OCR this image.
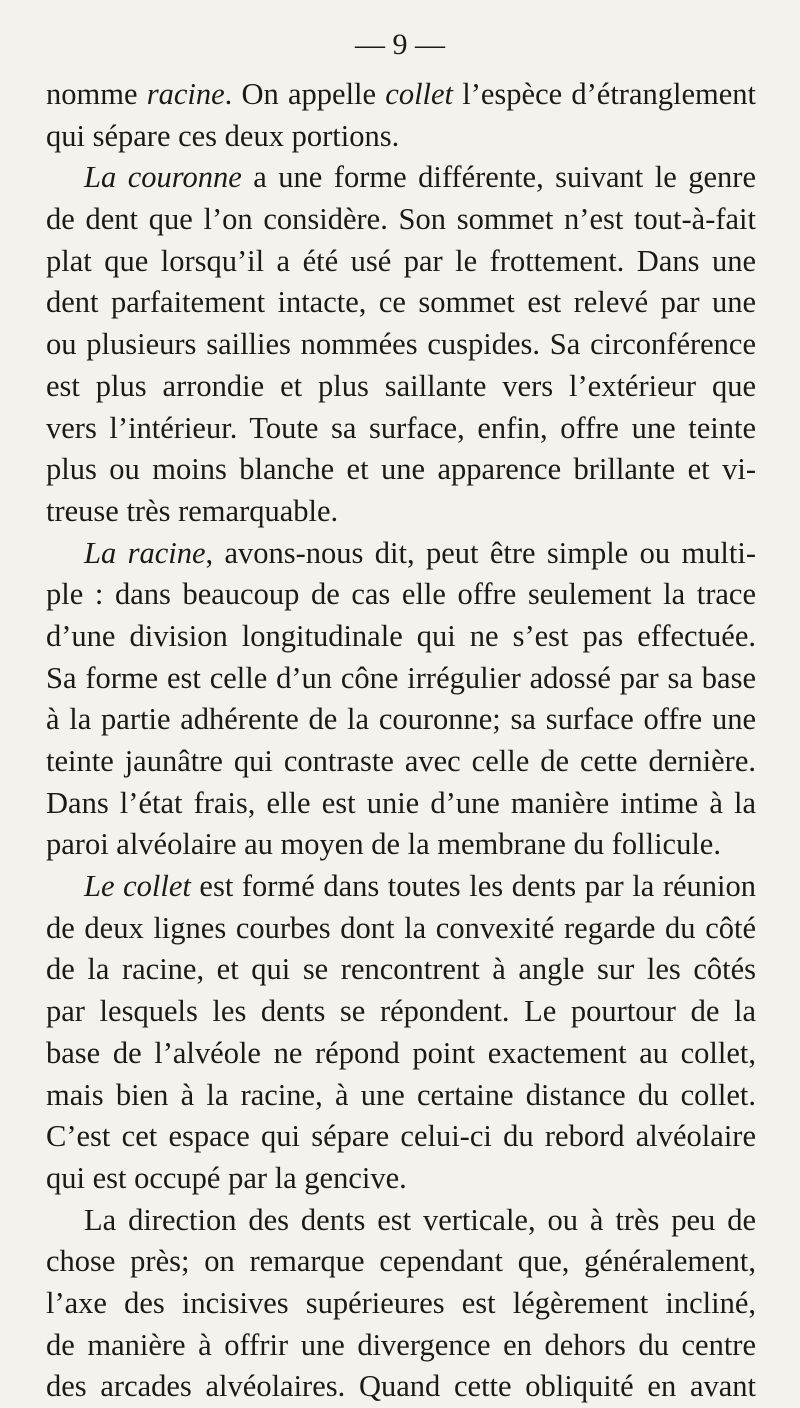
— 9 —
nomme racine. On appelle collet l’espèce d’étranglement
qui sépare ces deux portions.
La couronne a une forme différente, suivant le genre
de dent que l’on considère. Son sommet n’est tout-à-fait
plat que lorsqu’il a été usé par le frottement. Dans une
dent parfaitement intacte, ce sommet est relevé par une
ou plusieurs saillies nommées cuspides. Sa circonférence
est plus arrondie et plus saillante vers l’extérieur que
vers l’intérieur. Toute sa surface, enfin, offre une teinte
plus ou moins blanche et une apparence brillante et vi-
treuse très remarquable.
La racine, avons-nous dit, peut être simple ou multi-
ple : dans beaucoup de cas elle offre seulement la trace
d’une division longitudinale qui ne s’est pas effectuée.
Sa forme est celle d’un cône irrégulier adossé par sa base
à la partie adhérente de la couronne; sa surface offre une
teinte jaunâtre qui contraste avec celle de cette dernière.
Dans l’état frais, elle est unie d’une manière intime à la
paroi alvéolaire au moyen de la membrane du follicule.
Le collet est formé dans toutes les dents par la réunion
de deux lignes courbes dont la convexité regarde du côté
de la racine, et qui se rencontrent à angle sur les côtés
par lesquels les dents se répondent. Le pourtour de la
base de l’alvéole ne répond point exactement au collet,
mais bien à la racine, à une certaine distance du collet.
C’est cet espace qui sépare celui-ci du rebord alvéolaire
qui est occupé par la gencive.
La direction des dents est verticale, ou à très peu de
chose près; on remarque cependant que, généralement,
l’axe des incisives supérieures est légèrement incliné,
de manière à offrir une divergence en dehors du centre
des arcades alvéolaires. Quand cette obliquité en avant
